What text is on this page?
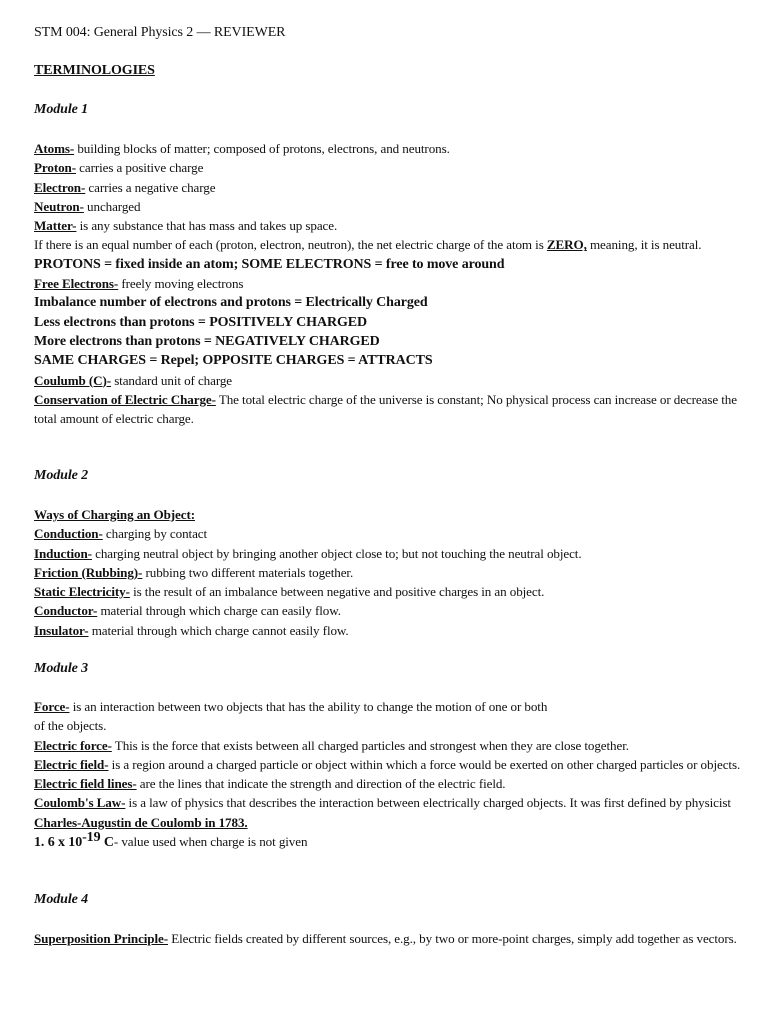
STM 004: General Physics 2 — REVIEWER
TERMINOLOGIES
Module 1
Atoms- building blocks of matter; composed of protons, electrons, and neutrons.
Proton- carries a positive charge
Electron- carries a negative charge
Neutron- uncharged
Matter- is any substance that has mass and takes up space.
If there is an equal number of each (proton, electron, neutron), the net electric charge of the atom is ZERO, meaning, it is neutral.
PROTONS = fixed inside an atom; SOME ELECTRONS = free to move around
Free Electrons- freely moving electrons
Imbalance number of electrons and protons = Electrically Charged
Less electrons than protons = POSITIVELY CHARGED
More electrons than protons = NEGATIVELY CHARGED
SAME CHARGES = Repel; OPPOSITE CHARGES = ATTRACTS
Coulumb (C)- standard unit of charge
Conservation of Electric Charge- The total electric charge of the universe is constant; No physical process can increase or decrease the total amount of electric charge.
Module 2
Ways of Charging an Object:
Conduction- charging by contact
Induction- charging neutral object by bringing another object close to; but not touching the neutral object.
Friction (Rubbing)- rubbing two different materials together.
Static Electricity- is the result of an imbalance between negative and positive charges in an object.
Conductor- material through which charge can easily flow.
Insulator- material through which charge cannot easily flow.
Module 3
Force- is an interaction between two objects that has the ability to change the motion of one or both
of the objects.
Electric force- This is the force that exists between all charged particles and strongest when they are close together.
Electric field- is a region around a charged particle or object within which a force would be exerted on other charged particles or objects.
Electric field lines- are the lines that indicate the strength and direction of the electric field.
Coulomb's Law- is a law of physics that describes the interaction between electrically charged objects. It was first defined by physicist Charles-Augustin de Coulomb in 1783.
1. 6 x $10^{-19}$ C- value used when charge is not given
Module 4
Superposition Principle- Electric fields created by different sources, e.g., by two or more-point charges, simply add together as vectors.
